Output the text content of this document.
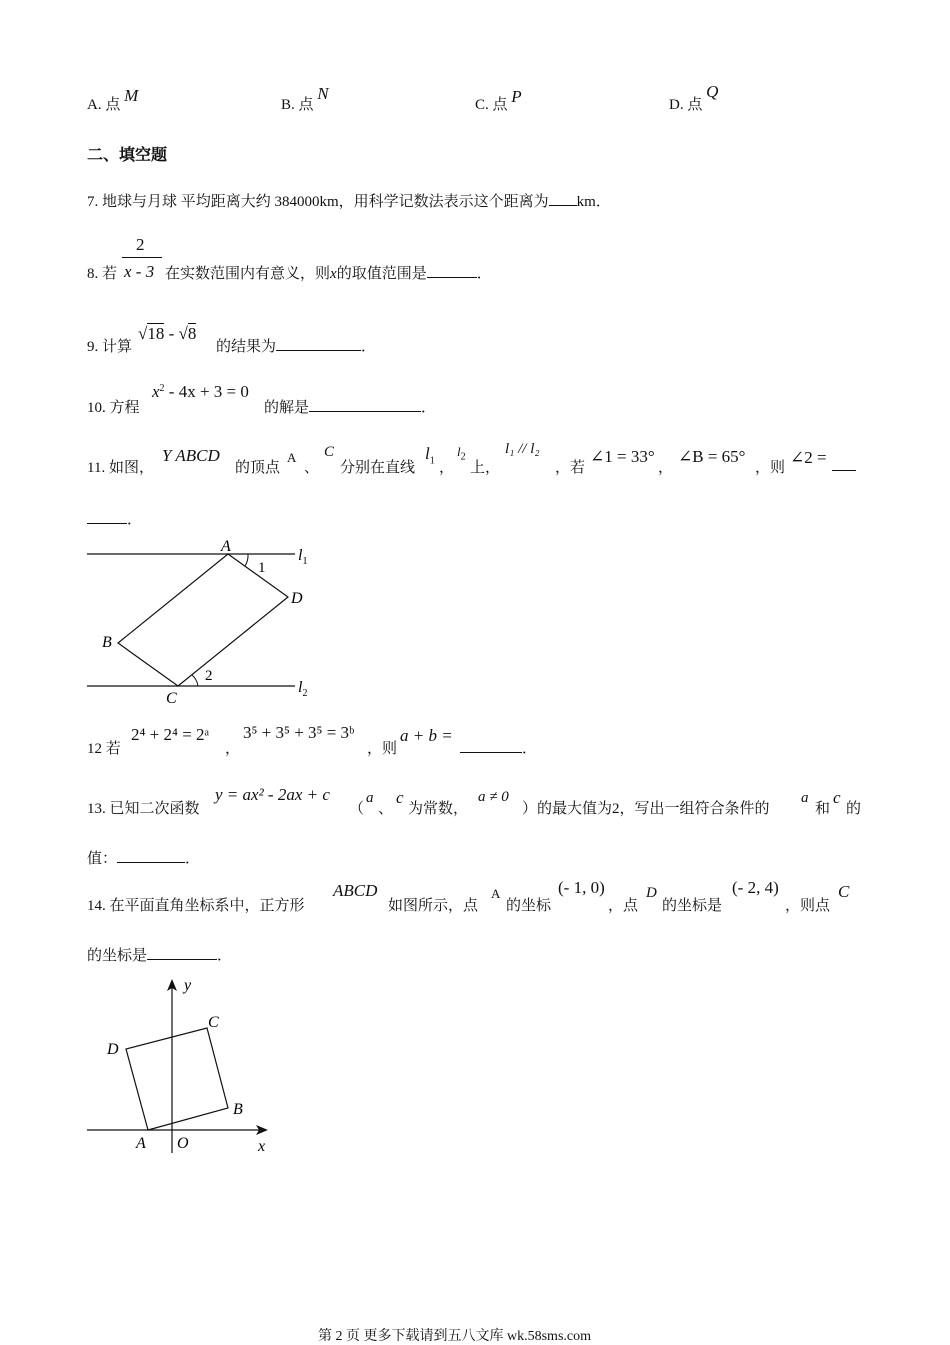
A. 点 M	B. 点 N
C. 点 P	D. 点 Q
二、填空题
7. 地球与月球 平均距离大约 384000km，用科学记数法表示这个距离为 km．
8. 若
2
x - 3 在实数范围内有意义，则x的取值范围是	．
9. 计算
√18 - √8
的结果为	．
10. 方程
$x^2 - 4x + 3 = 0$
的解是	．
11. 如图，
Y ABCD
的顶点
A
、
C
分别在直线
$l_1$ ，
$l_2$
上，
l₁ // l₂
，若
∠1 = 33°
，
∠B = 65°
，则
∠2 =
．
A
B
C
D
1
2
$l_1$
$l_2$
y
x
O
A
B
C
D
12 若
2⁴ + 2⁴ = 2ᵃ
，
3⁵ + 3⁵ + 3⁵ = 3ᵇ
，则
a + b =
．
13. 已知二次函数
y = ax² - 2ax + c
（
a
、
c
为常数，
a ≠ 0
）的最大值为2，写出一组符合条件的
a
和
c
的
值：	．
14. 在平面直角坐标系中，正方形
ABCD
如图所示，点
A
的坐标
(- 1, 0)
，点
D
的坐标是
(- 2, 4)
，则点
C
的坐标是	．
第 2 页 更多下载请到五八文库 wk.58sms.com
